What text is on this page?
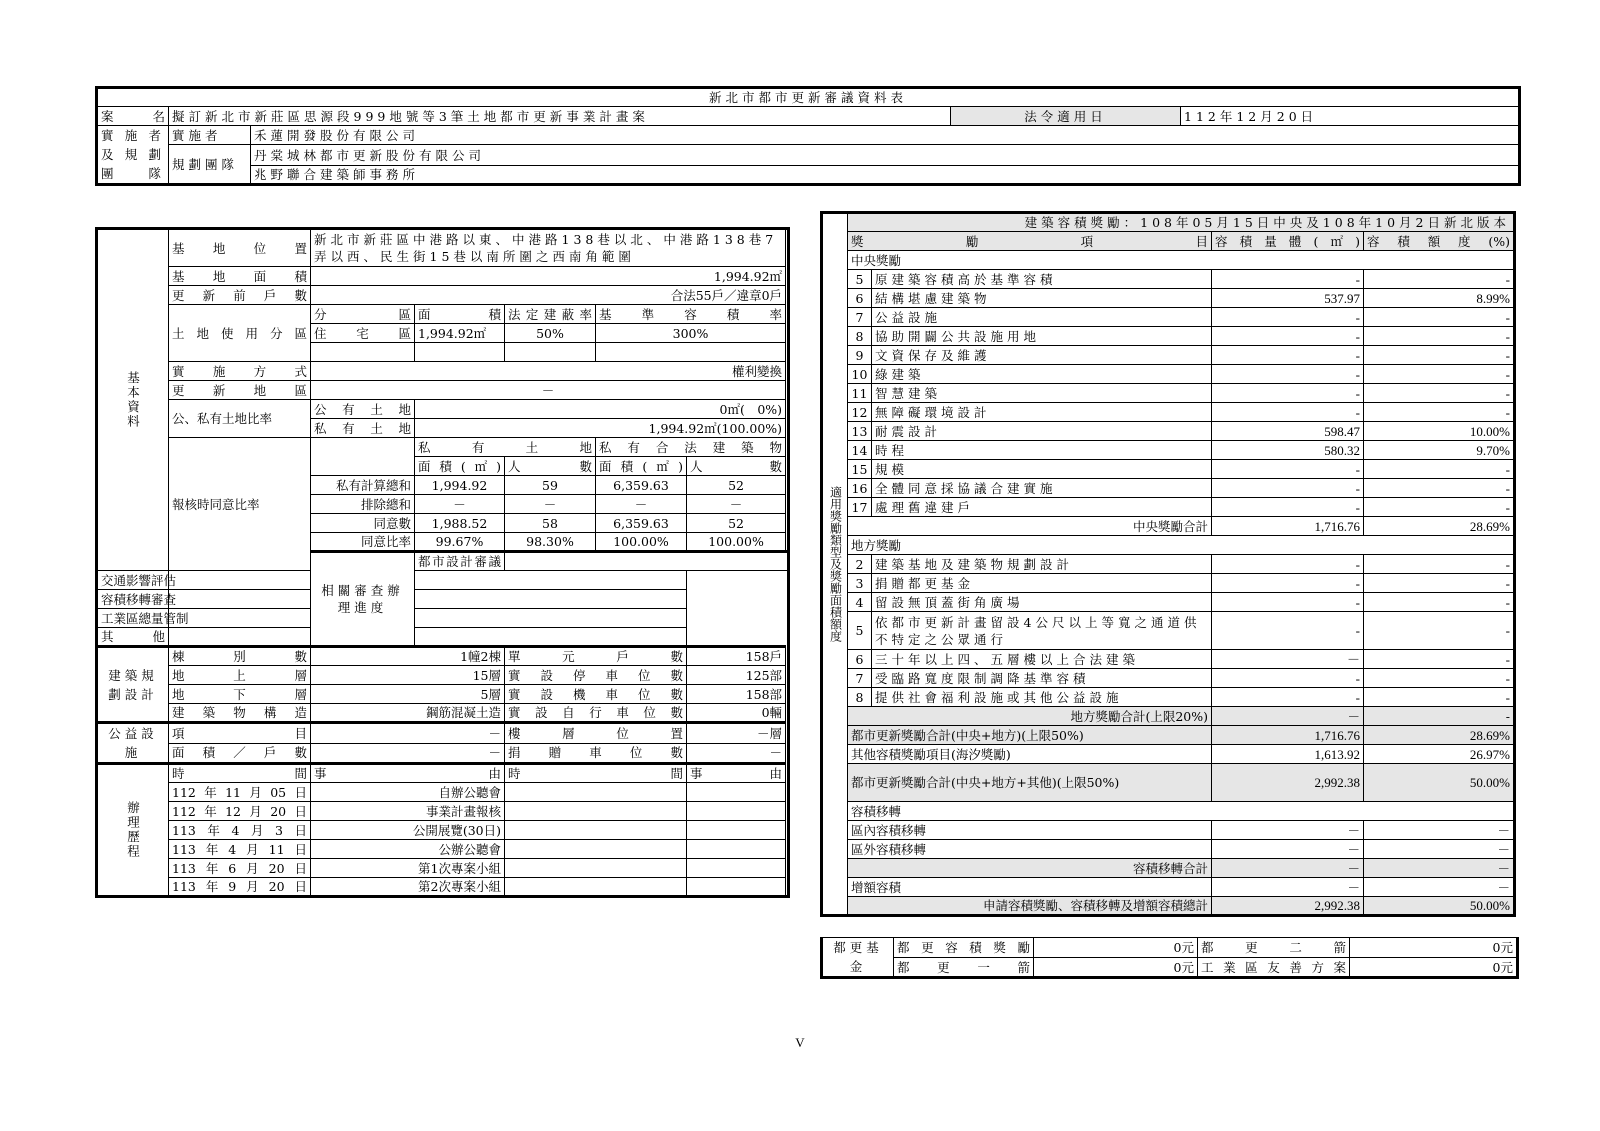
新北市都市更新審議資料表				
案　　名	擬訂新北市新莊區思源段999地號等3筆土地都市更新事業計畫案		法令適用日	112年12月20日
實施者及規劃團隊	實施者	禾蓮開發股份有限公司		
	規劃團隊	丹棠城林都市更新股份有限公司		
		兆野聯合建築師事務所		
基本資料	基地位置	新北市新莊區中港路以東、中港路138巷以北、中港路138巷7弄以西、民生街15巷以南所圍之西南角範圍				

	基地面積	1,994.92㎡				
	更新前戶數	合法55戶／違章0戶				
	土地使用分區	分區	面積	法定建蔽率	基準容積率	
		住宅區	1,994.92㎡	50%	300%	

	實施方式	權利變換				
	更新地區	－				
	公、私有土地比率	公有土地	0㎡(　0%)			
		私有土地	1,994.92㎡(100.00%)			
	報核時同意比率		私有土地		私有合法建築物	
			面積(㎡)	人數	面積(㎡)	人數
		私有計算總和	1,994.92	59	6,359.63	52
		排除總和	－	－	－	－
		同意數	1,988.52	58	6,359.63	52
		同意比率	99.67%	98.30%	100.00%	100.00%
		相關審查辦理進度	都市設計審議			
交通影響評估						
容積移轉審查						
工業區總量管制						
其他						
建築規劃設計	棟別數	1幢2棟		單元戶數		158戶
	地上層	15層		實設停車位數		125部
	地下層	5層		實設機車位數		158部
	建築物構造	鋼筋混凝土造		實設自行車位數		0輛
公益設施	項目	－		樓層位置		－層
	面積／戶數	－		捐贈車位數		－
辦理歷程	時間	事由		時間		事由
	112年11月05日	自辦公聽會				
	112年12月20日	事業計畫報核				
	113年4月3日	公開展覽(30日)				
	113年4月11日	公辦公聽會				
	113年6月20日	第1次專案小組				
	113年9月20日	第2次專案小組				
適用獎勵類型及獎勵面積額度	建築容積獎勵：108年05月15日中央及108年10月2日新北版本			
	獎勵項目		容積量體(㎡)	容積額度(%)
	中央獎勵			
	5	原建築容積高於基準容積	-	-
	6	結構堪慮建築物	537.97	8.99%
	7	公益設施	-	-
	8	協助開闢公共設施用地	-	-
	9	文資保存及維護	-	-
	10	綠建築	-	-
	11	智慧建築	-	-
	12	無障礙環境設計	-	-
	13	耐震設計	598.47	10.00%
	14	時程	580.32	9.70%
	15	規模	-	-
	16	全體同意採協議合建實施	-	-
	17	處理舊違建戶	-	-
	中央獎勵合計		1,716.76	28.69%
	地方獎勵			
	2	建築基地及建築物規劃設計	-	-
	3	捐贈都更基金	-	-
	4	留設無頂蓋街角廣場	-	-
	5	依都市更新計畫留設4公尺以上等寬之通道供不特定之公眾通行	-	-
	6	三十年以上四、五層樓以上合法建築	－	-
	7	受臨路寬度限制調降基準容積	-	-
	8	提供社會福利設施或其他公益設施	-	-
	地方獎勵合計(上限20%)		－	-
	都市更新獎勵合計(中央+地方)(上限50%)		1,716.76	28.69%
	其他容積獎勵項目(海汐獎勵)		1,613.92	26.97%
	都市更新獎勵合計(中央+地方+其他)(上限50%)		2,992.38	50.00%
	容積移轉			
	區內容積移轉		－	－
	區外容積移轉		－	－
	容積移轉合計		－	－
	增額容積		－	－
	申請容積獎勵、容積移轉及增額容積總計		2,992.38	50.00%
都更基金	都更容積獎勵	0元	都更二箭	0元
	都更一箭	0元	工業區友善方案	0元
V
